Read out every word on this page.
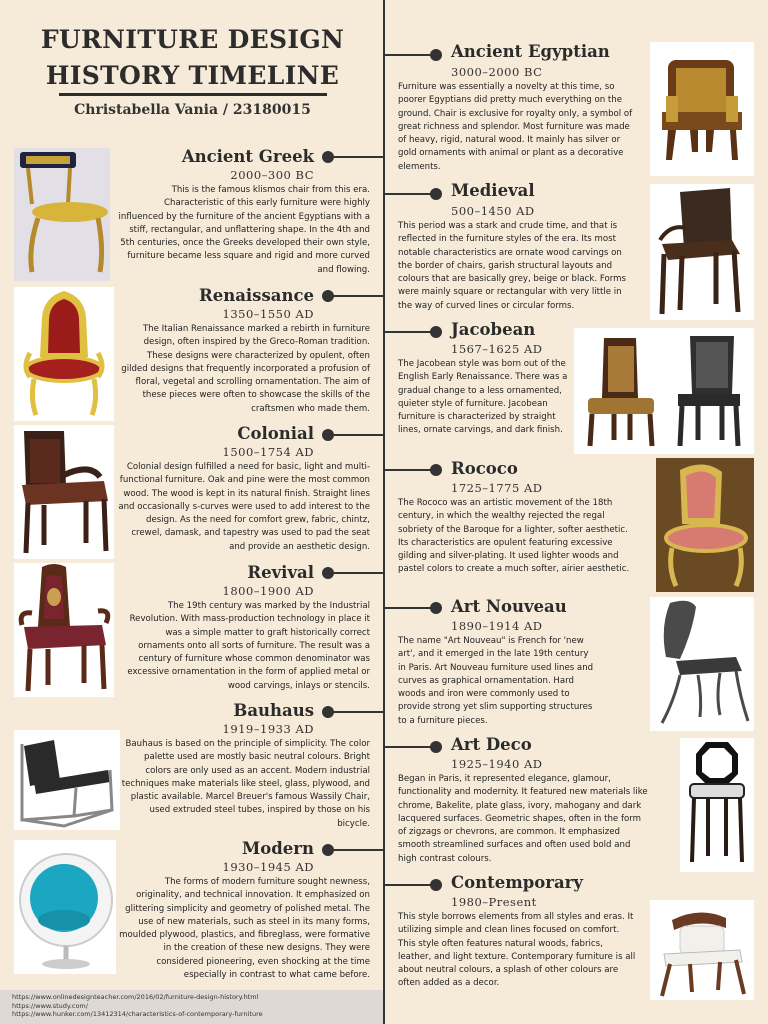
FURNITURE DESIGN
HISTORY TIMELINE
Christabella Vania / 23180015
Ancient Egyptian
3000–2000 BC
Furniture was essentially a novelty at this time, so poorer Egyptians did pretty much everything on the ground. Chair is exclusive for royalty only, a symbol of great richness and splendor. Most furniture was made of heavy, rigid, natural wood. It mainly has silver or gold ornaments with animal or plant as a decorative elements.
Ancient Greek
2000–300 BC
This is the famous klismos chair from this era. Characteristic of this early furniture were highly influenced by the furniture of the ancient Egyptians with a stiff, rectangular, and unflattering shape. In the 4th and 5th centuries, once the Greeks developed their own style, furniture became less square and rigid and more curved and flowing.
Medieval
500–1450 AD
This period was a stark and crude time, and that is reflected in the furniture styles of the era. Its most notable characteristics are ornate wood carvings on the border of chairs, garish structural layouts and colours that are basically grey, beige or black. Forms were mainly square or rectangular with very little in the way of curved lines or circular forms.
Renaissance
1350–1550 AD
The Italian Renaissance marked a rebirth in furniture design, often inspired by the Greco-Roman tradition. These designs were characterized by opulent, often gilded designs that frequently incorporated a profusion of floral, vegetal and scrolling ornamentation. The aim of these pieces were often to showcase the skills of the craftsmen who made them.
Jacobean
1567–1625 AD
The Jacobean style was born out of the English Early Renaissance. There was a gradual change to a less ornamented, quieter style of furniture. Jacobean furniture is characterized by straight lines, ornate carvings, and dark finish.
Colonial
1500–1754 AD
Colonial design fulfilled a need for basic, light and multi-functional furniture. Oak and pine were the most common wood. The wood is kept in its natural finish. Straight lines and occasionally s-curves were used to add interest to the design. As the need for comfort grew, fabric, chintz, crewel, damask, and tapestry was used to pad the seat and provide an aesthetic design.
Rococo
1725–1775 AD
The Rococo was an artistic movement of the 18th century, in which the wealthy rejected the regal sobriety of the Baroque for a lighter, softer aesthetic. Its characteristics are opulent featuring excessive gilding and silver-plating. It used lighter woods and pastel colors to create a much softer, airier aesthetic.
Revival
1800–1900 AD
The 19th century was marked by the Industrial Revolution. With mass-production technology in place it was a simple matter to graft historically correct ornaments onto all sorts of furniture. The result was a century of furniture whose common denominator was excessive ornamentation in the form of applied metal or wood carvings, inlays or stencils.
Art Nouveau
1890–1914 AD
The name "Art Nouveau" is French for 'new art', and it emerged in the late 19th century in Paris. Art Nouveau furniture used lines and curves as graphical ornamentation. Hard woods and iron were commonly used to provide strong yet slim supporting structures to a furniture pieces.
Bauhaus
1919–1933 AD
Bauhaus is based on the principle of simplicity. The color palette used are mostly basic neutral colours. Bright colors are only used as an accent. Modern industrial techniques make materials like steel, glass, plywood, and plastic available. Marcel Breuer's famous Wassily Chair, used extruded steel tubes, inspired by those on his bicycle.
Art Deco
1925–1940 AD
Began in Paris, it represented elegance, glamour, functionality and modernity. It featured new materials like chrome, Bakelite, plate glass, ivory, mahogany and dark lacquered surfaces. Geometric shapes, often in the form of zigzags or chevrons, are common. It emphasized smooth streamlined surfaces and often used bold and high contrast colours.
Modern
1930–1945 AD
The forms of modern furniture sought newness, originality, and technical innovation. It emphasized on glittering simplicity and geometry of polished metal. The use of new materials, such as steel in its many forms, moulded plywood, plastics, and fibreglass, were formative in the creation of these new designs. They were considered pioneering, even shocking at the time especially in contrast to what came before.
Contemporary
1980–Present
This style borrows elements from all styles and eras. It utilizing simple and clean lines focused on comfort. This style often features natural woods, fabrics, leather, and light texture. Contemporary furniture is all about neutral colours, a splash of other colours are often added as a decor.
https://www.onlinedesignteacher.com/2016/02/furniture-design-history.html
https://www.study.com/
https://www.hunker.com/13412314/characteristics-of-contemporary-furniture
